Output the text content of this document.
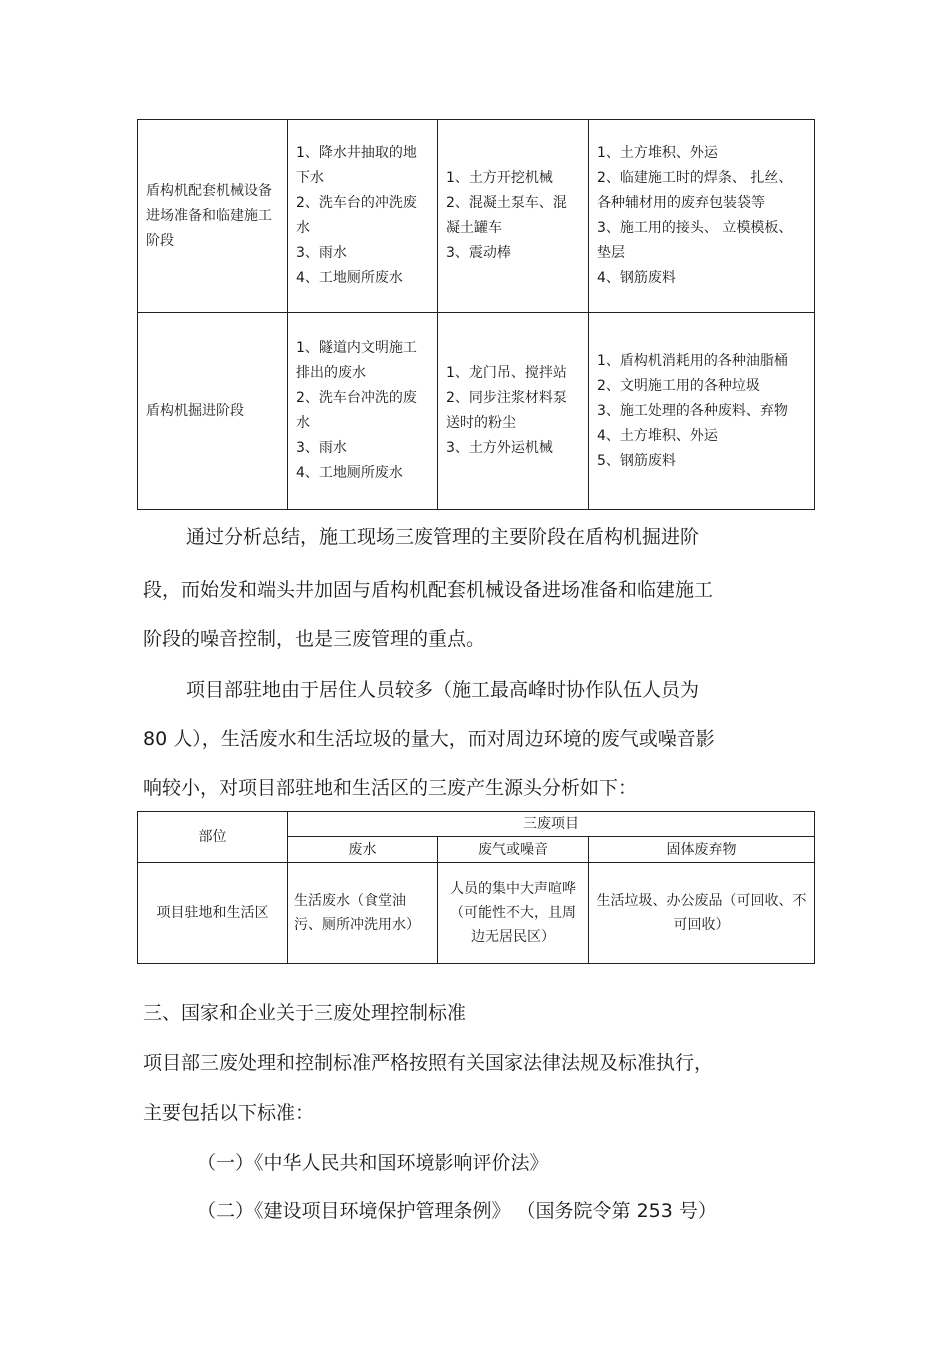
盾构机配套机械设备进场准备和临建施工阶段	1、降水井抽取的地下水
2、洗车台的冲洗废水
3、雨水
4、工地厕所废水	1、土方开挖机械
2、混凝土泵车、混凝土罐车
3、震动棒	1、土方堆积、外运
2、临建施工时的焊条、 扎丝、各种辅材用的废弃包装袋等
3、施工用的接头、 立模模板、垫层
4、钢筋废料

盾构机掘进阶段	1、隧道内文明施工排出的废水
2、洗车台冲洗的废水
3、雨水
4、工地厕所废水	1、龙门吊、搅拌站
2、同步注浆材料泵送时的粉尘
3、土方外运机械	1、盾构机消耗用的各种油脂桶
2、文明施工用的各种垃圾
3、施工处理的各种废料、弃物
4、土方堆积、外运
5、钢筋废料
通过分析总结，施工现场三废管理的主要阶段在盾构机掘进阶
段，而始发和端头井加固与盾构机配套机械设备进场准备和临建施工
阶段的噪音控制，也是三废管理的重点。
项目部驻地由于居住人员较多（施工最高峰时协作队伍人员为
80 人），生活废水和生活垃圾的量大，而对周边环境的废气或噪音影
响较小，对项目部驻地和生活区的三废产生源头分析如下：
部位	三废项目		
	废水	废气或噪音	固体废弃物
项目驻地和生活区	生活废水（食堂油污、厕所冲洗用水）	人员的集中大声喧哗（可能性不大，且周边无居民区）	生活垃圾、办公废品（可回收、不可回收）
三、国家和企业关于三废处理控制标准
项目部三废处理和控制标准严格按照有关国家法律法规及标准执行，
主要包括以下标准：
（一）《中华人民共和国环境影响评价法》
（二）《建设项目环境保护管理条例》 （国务院令第 253 号）
